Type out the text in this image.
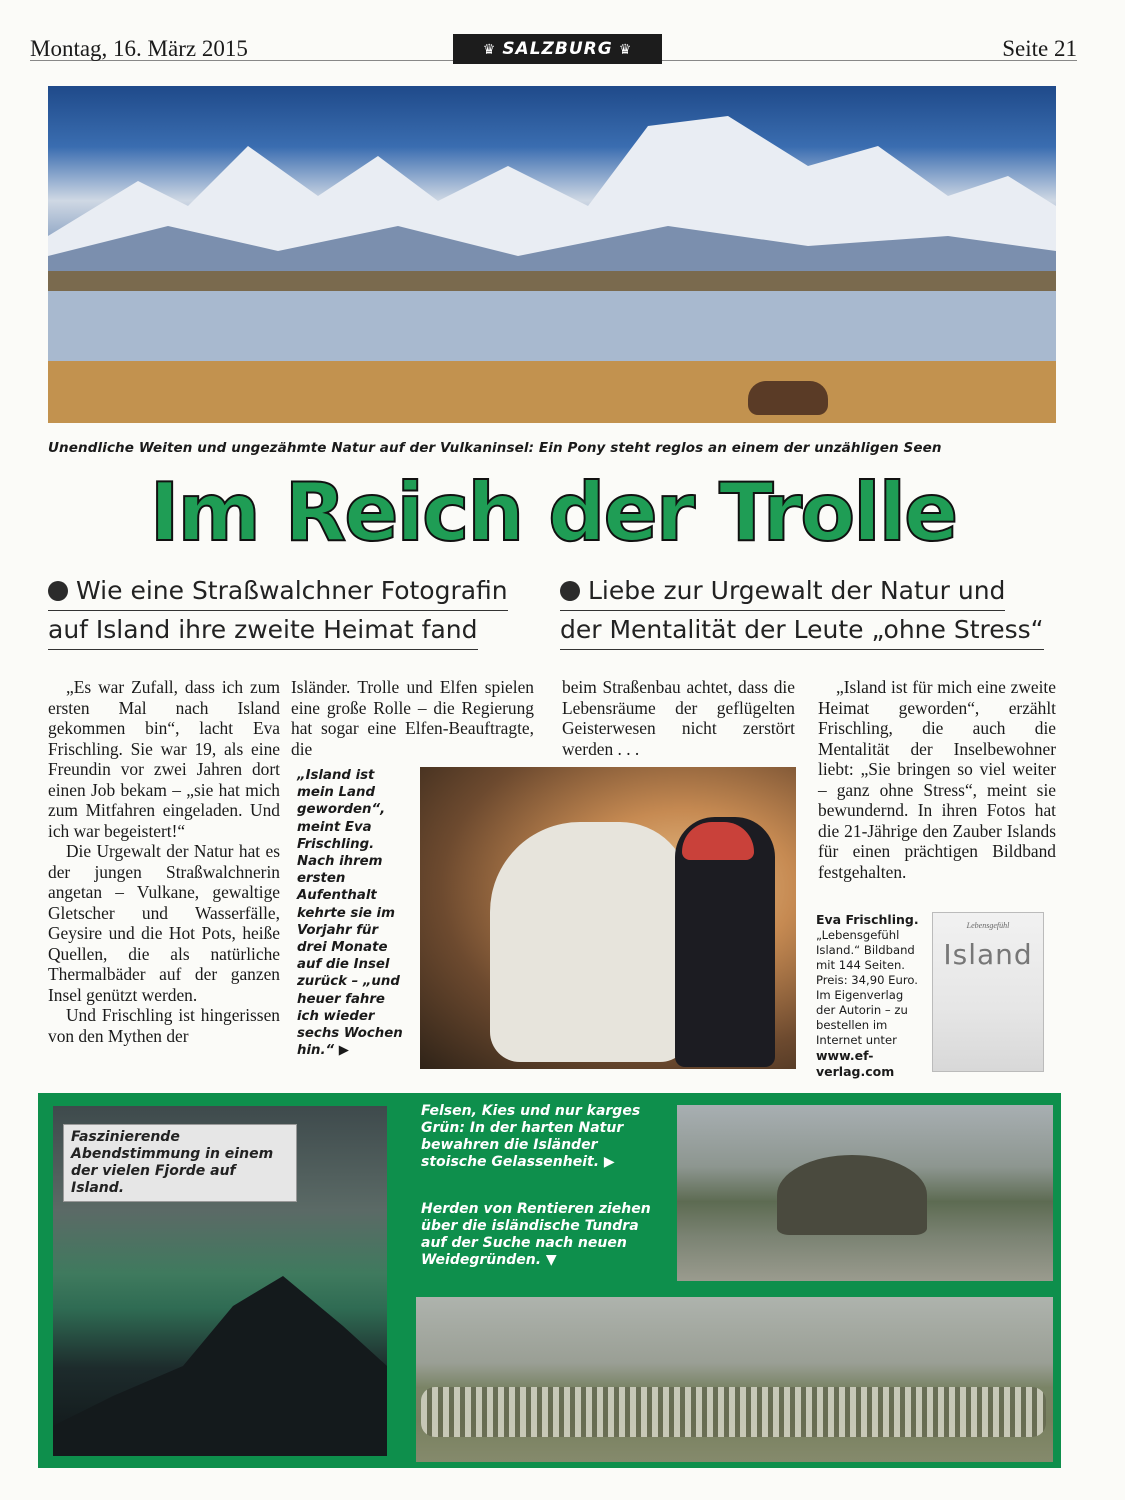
Montag, 16. März 2015	♛ SALZBURG ♛	Seite 21
Unendliche Weiten und ungezähmte Natur auf der Vulkaninsel: Ein Pony steht reglos an einem der unzähligen Seen
Im Reich der Trolle
Wie eine Straßwalchner Fotografin
auf Island ihre zweite Heimat fand
Liebe zur Urgewalt der Natur und
der Mentalität der Leute „ohne Stress“

„Es war Zufall, dass ich zum ersten Mal nach Island gekommen bin“, lacht Eva Frischling. Sie war 19, als eine Freundin vor zwei Jahren dort einen Job bekam – „sie hat mich zum Mitfahren eingeladen. Und ich war begeistert!“

Die Urgewalt der Natur hat es der jungen Straßwalchnerin angetan – Vulkane, gewaltige Gletscher und Wasserfälle, Geysire und die Hot Pots, heiße Quellen, die als natürliche Thermalbäder auf der ganzen Insel genützt werden.

Und Frischling ist hingerissen von den Mythen der

Isländer. Trolle und Elfen spielen eine große Rolle – die Regierung hat sogar eine Elfen-Beauftragte, die

beim Straßenbau achtet, dass die Lebensräume der geflügelten Geisterwesen nicht zerstört werden . . .

„Island ist für mich eine zweite Heimat geworden“, erzählt Frischling, die auch die Mentalität der Inselbewohner liebt: „Sie bringen so viel weiter – ganz ohne Stress“, meint sie bewundernd. In ihren Fotos hat die 21-Jährige den Zauber Islands für einen prächtigen Bildband festgehalten.

„Island ist mein Land geworden“, meint Eva Frischling. Nach ihrem ersten Aufenthalt kehrte sie im Vorjahr für drei Monate auf die Insel zurück – „und heuer fahre ich wieder sechs Wochen hin.“ ▶
Eva Frischling.
„Lebensgefühl Island.“ Bildband mit 144 Seiten. Preis: 34,90 Euro. Im Eigenverlag der Autorin – zu bestellen im Internet unter
www.ef-verlag.com
Lebensgefühl
Island
Faszinierende Abendstimmung in einem der vielen Fjorde auf Island.
Felsen, Kies und nur karges Grün: In der harten Natur bewahren die Isländer stoische Gelassenheit. ▶
Herden von Rentieren ziehen über die isländische Tundra auf der Suche nach neuen Weidegründen. ▼
